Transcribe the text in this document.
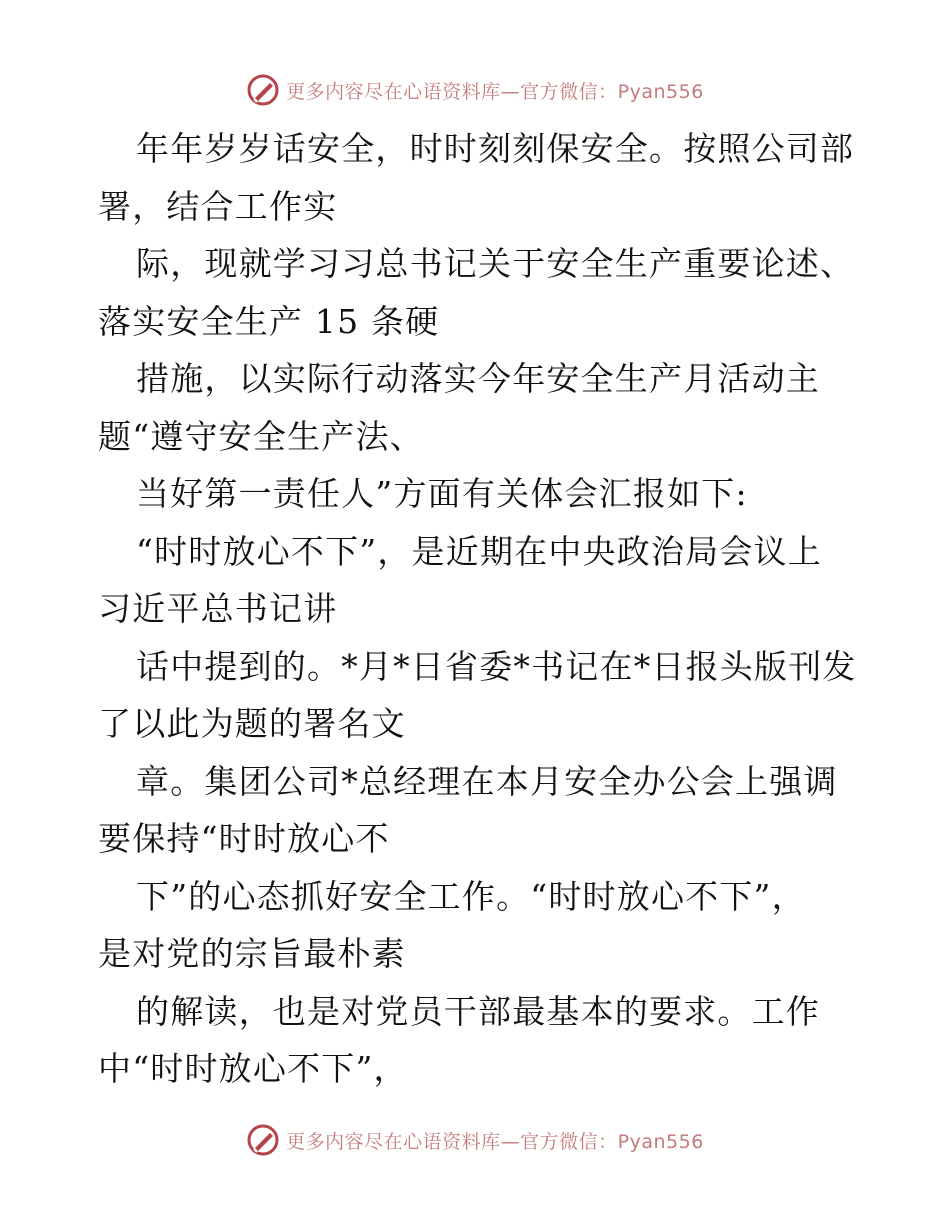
更多内容尽在心语资料库—官方微信：Pyan556
年年岁岁话安全，时时刻刻保安全。按照公司部
署，结合工作实
际，现就学习习总书记关于安全生产重要论述、
落实安全生产 15 条硬
措施，以实际行动落实今年安全生产月活动主
题“遵守安全生产法、
当好第一责任人”方面有关体会汇报如下:
“时时放心不下”，是近期在中央政治局会议上
习近平总书记讲
话中提到的。*月*日省委*书记在*日报头版刊发
了以此为题的署名文
章。集团公司*总经理在本月安全办公会上强调
要保持“时时放心不
下”的心态抓好安全工作。“时时放心不下”，
是对党的宗旨最朴素
的解读，也是对党员干部最基本的要求。工作
中“时时放心不下”，
更多内容尽在心语资料库—官方微信：Pyan556
